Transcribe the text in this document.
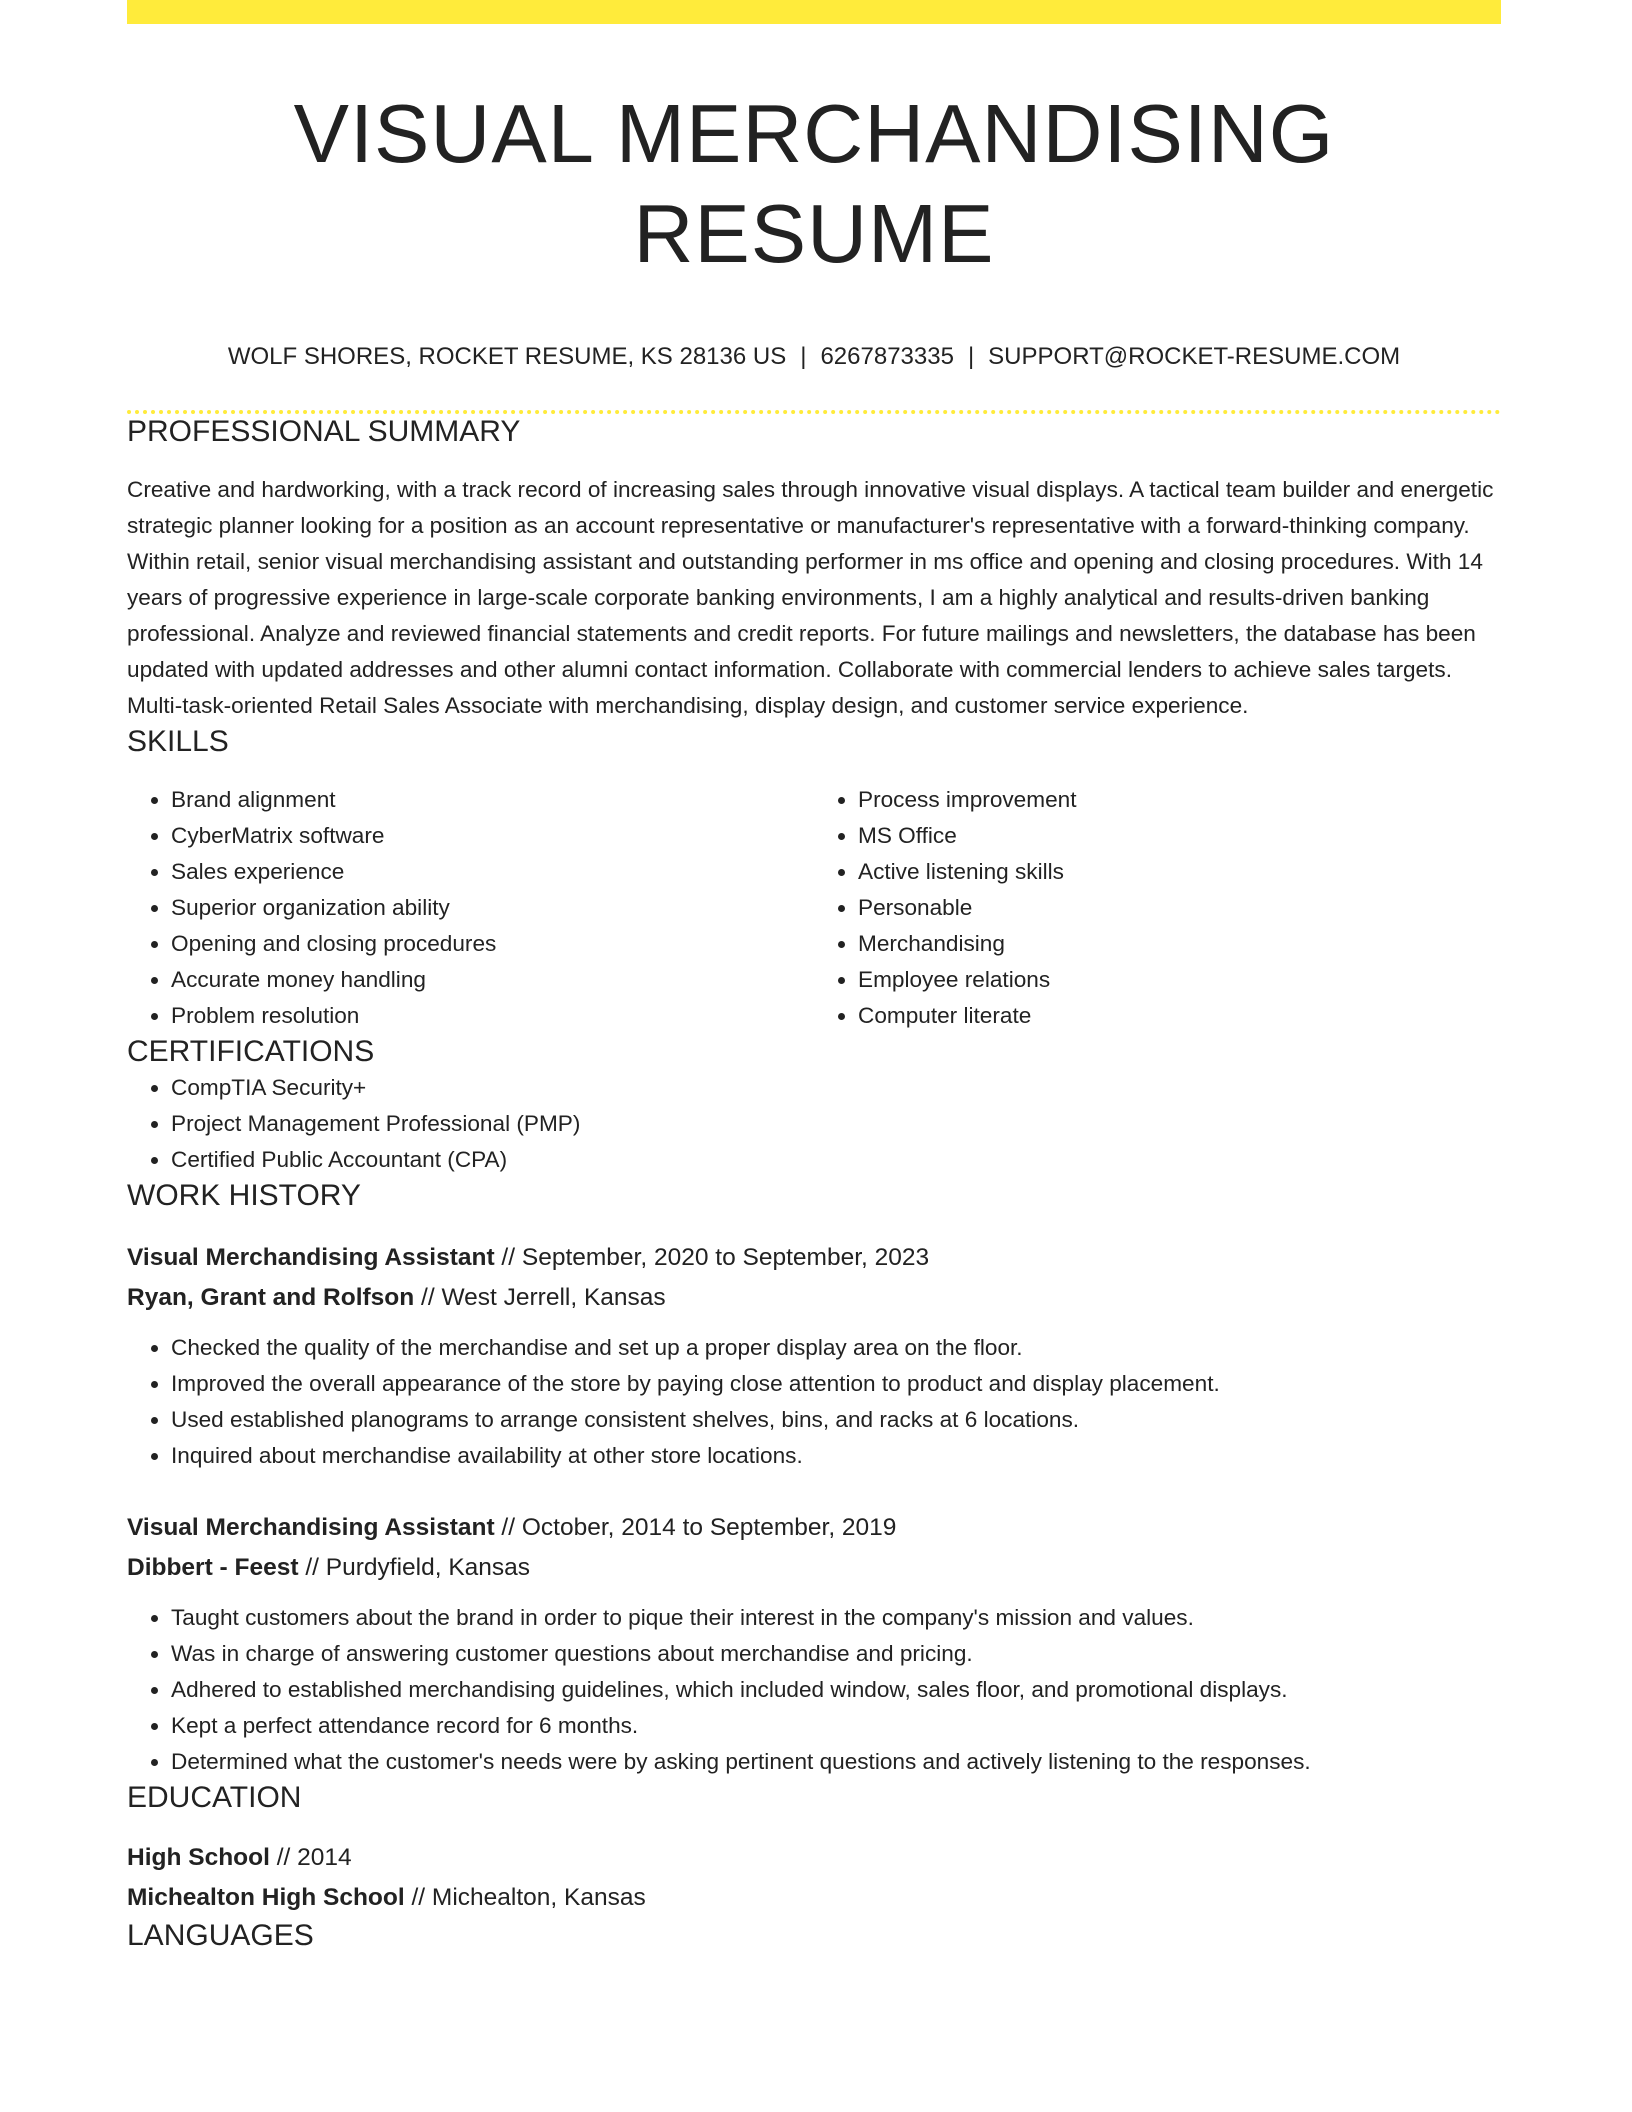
VISUAL MERCHANDISING RESUME
WOLF SHORES, ROCKET RESUME, KS 28136 US | 6267873335 | SUPPORT@ROCKET-RESUME.COM
PROFESSIONAL SUMMARY

Creative and hardworking, with a track record of increasing sales through innovative visual displays. A tactical team builder and energetic strategic planner looking for a position as an account representative or manufacturer's representative with a forward-thinking company. Within retail, senior visual merchandising assistant and outstanding performer in ms office and opening and closing procedures. With 14 years of progressive experience in large-scale corporate banking environments, I am a highly analytical and results-driven banking professional. Analyze and reviewed financial statements and credit reports. For future mailings and newsletters, the database has been updated with updated addresses and other alumni contact information. Collaborate with commercial lenders to achieve sales targets. Multi-task-oriented Retail Sales Associate with merchandising, display design, and customer service experience.

SKILLS
• Brand alignment
• CyberMatrix software
• Sales experience
• Superior organization ability
• Opening and closing procedures
• Accurate money handling
• Problem resolution
• Process improvement
• MS Office
• Active listening skills
• Personable
• Merchandising
• Employee relations
• Computer literate
CERTIFICATIONS
• CompTIA Security+
• Project Management Professional (PMP)
• Certified Public Accountant (CPA)
WORK HISTORY
Visual Merchandising Assistant // September, 2020 to September, 2023
Ryan, Grant and Rolfson // West Jerrell, Kansas
• Checked the quality of the merchandise and set up a proper display area on the floor.
• Improved the overall appearance of the store by paying close attention to product and display placement.
• Used established planograms to arrange consistent shelves, bins, and racks at 6 locations.
• Inquired about merchandise availability at other store locations.
Visual Merchandising Assistant // October, 2014 to September, 2019
Dibbert - Feest // Purdyfield, Kansas
• Taught customers about the brand in order to pique their interest in the company's mission and values.
• Was in charge of answering customer questions about merchandise and pricing.
• Adhered to established merchandising guidelines, which included window, sales floor, and promotional displays.
• Kept a perfect attendance record for 6 months.
• Determined what the customer's needs were by asking pertinent questions and actively listening to the responses.
EDUCATION
High School // 2014
Michealton High School // Michealton, Kansas
LANGUAGES
